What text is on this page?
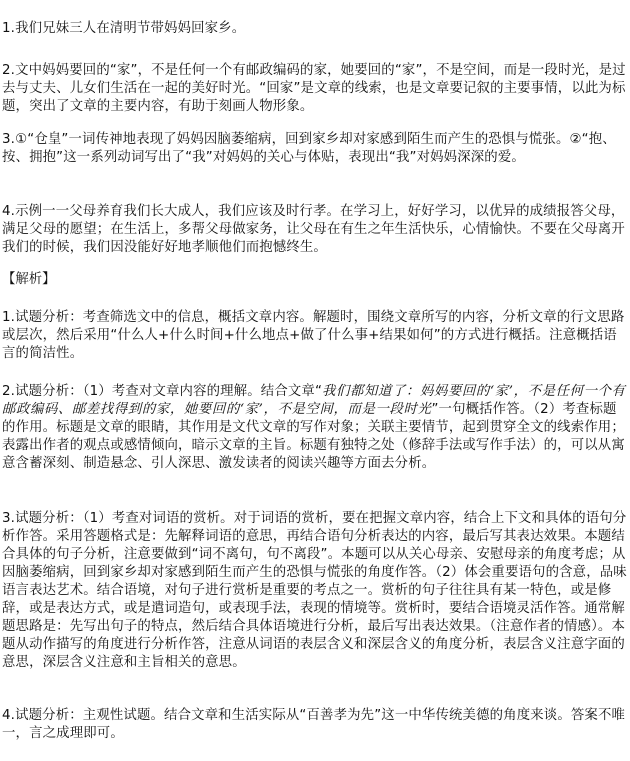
1.我们兄妹三人在清明节带妈妈回家乡。
2.文中妈妈要回的“家”，不是任何一个有邮政编码的家，她要回的“家”，不是空间，而是一段时光，是过去与丈夫、儿女们生活在一起的美好时光。“回家”是文章的线索，也是文章要记叙的主要事情，以此为标题，突出了文章的主要内容，有助于刻画人物形象。
3.①“仓皇”一词传神地表现了妈妈因脑萎缩病，回到家乡却对家感到陌生而产生的恐惧与慌张。②“抱、按、拥抱”这一系列动词写出了“我”对妈妈的关心与体贴，表现出“我”对妈妈深深的爱。
4.示例一一父母养育我们长大成人，我们应该及时行孝。在学习上，好好学习，以优异的成绩报答父母，满足父母的愿望；在生活上，多帮父母做家务，让父母在有生之年生活快乐，心情愉快。不要在父母离开我们的时候，我们因没能好好地孝顺他们而抱憾终生。
【解析】
1.试题分析：考查筛选文中的信息，概括文章内容。解题时，围绕文章所写的内容，分析文章的行文思路或层次，然后采用“什么人+什么时间+什么地点+做了什么事+结果如何”的方式进行概括。注意概括语言的简洁性。
2.试题分析：（1）考查对文章内容的理解。结合文章“我们都知道了：妈妈要回的‘家’，不是任何一个有邮政编码、邮差找得到的家，她要回的‘家’，不是空间，而是一段时光”一句概括作答。（2）考查标题的作用。标题是文章的眼睛，其作用是文代文章的写作对象；关联主要情节，起到贯穿全文的线索作用；表露出作者的观点或感情倾向，暗示文章的主旨。标题有独特之处（修辞手法或写作手法）的，可以从寓意含蓄深刻、制造悬念、引人深思、激发读者的阅读兴趣等方面去分析。
3.试题分析：（1）考查对词语的赏析。对于词语的赏析，要在把握文章内容，结合上下文和具体的语句分析作答。采用答题格式是：先解释词语的意思，再结合语句分析表达的内容，最后写其表达效果。本题结合具体的句子分析，注意要做到“词不离句，句不离段”。本题可以从关心母亲、安慰母亲的角度考虑；从因脑萎缩病，回到家乡却对家感到陌生而产生的恐惧与慌张的角度作答。（2）体会重要语句的含意，品味语言表达艺术。结合语境，对句子进行赏析是重要的考点之一。赏析的句子往往具有某一特色，或是修辞，或是表达方式，或是遣词造句，或表现手法，表现的情境等。赏析时，要结合语境灵活作答。通常解题思路是：先写出句子的特点，然后结合具体语境进行分析，最后写出表达效果。（注意作者的情感）。本题从动作描写的角度进行分析作答，注意从词语的表层含义和深层含义的角度分析，表层含义注意字面的意思，深层含义注意和主旨相关的意思。
4.试题分析：主观性试题。结合文章和生活实际从“百善孝为先”这一中华传统美德的角度来谈。答案不唯一，言之成理即可。
